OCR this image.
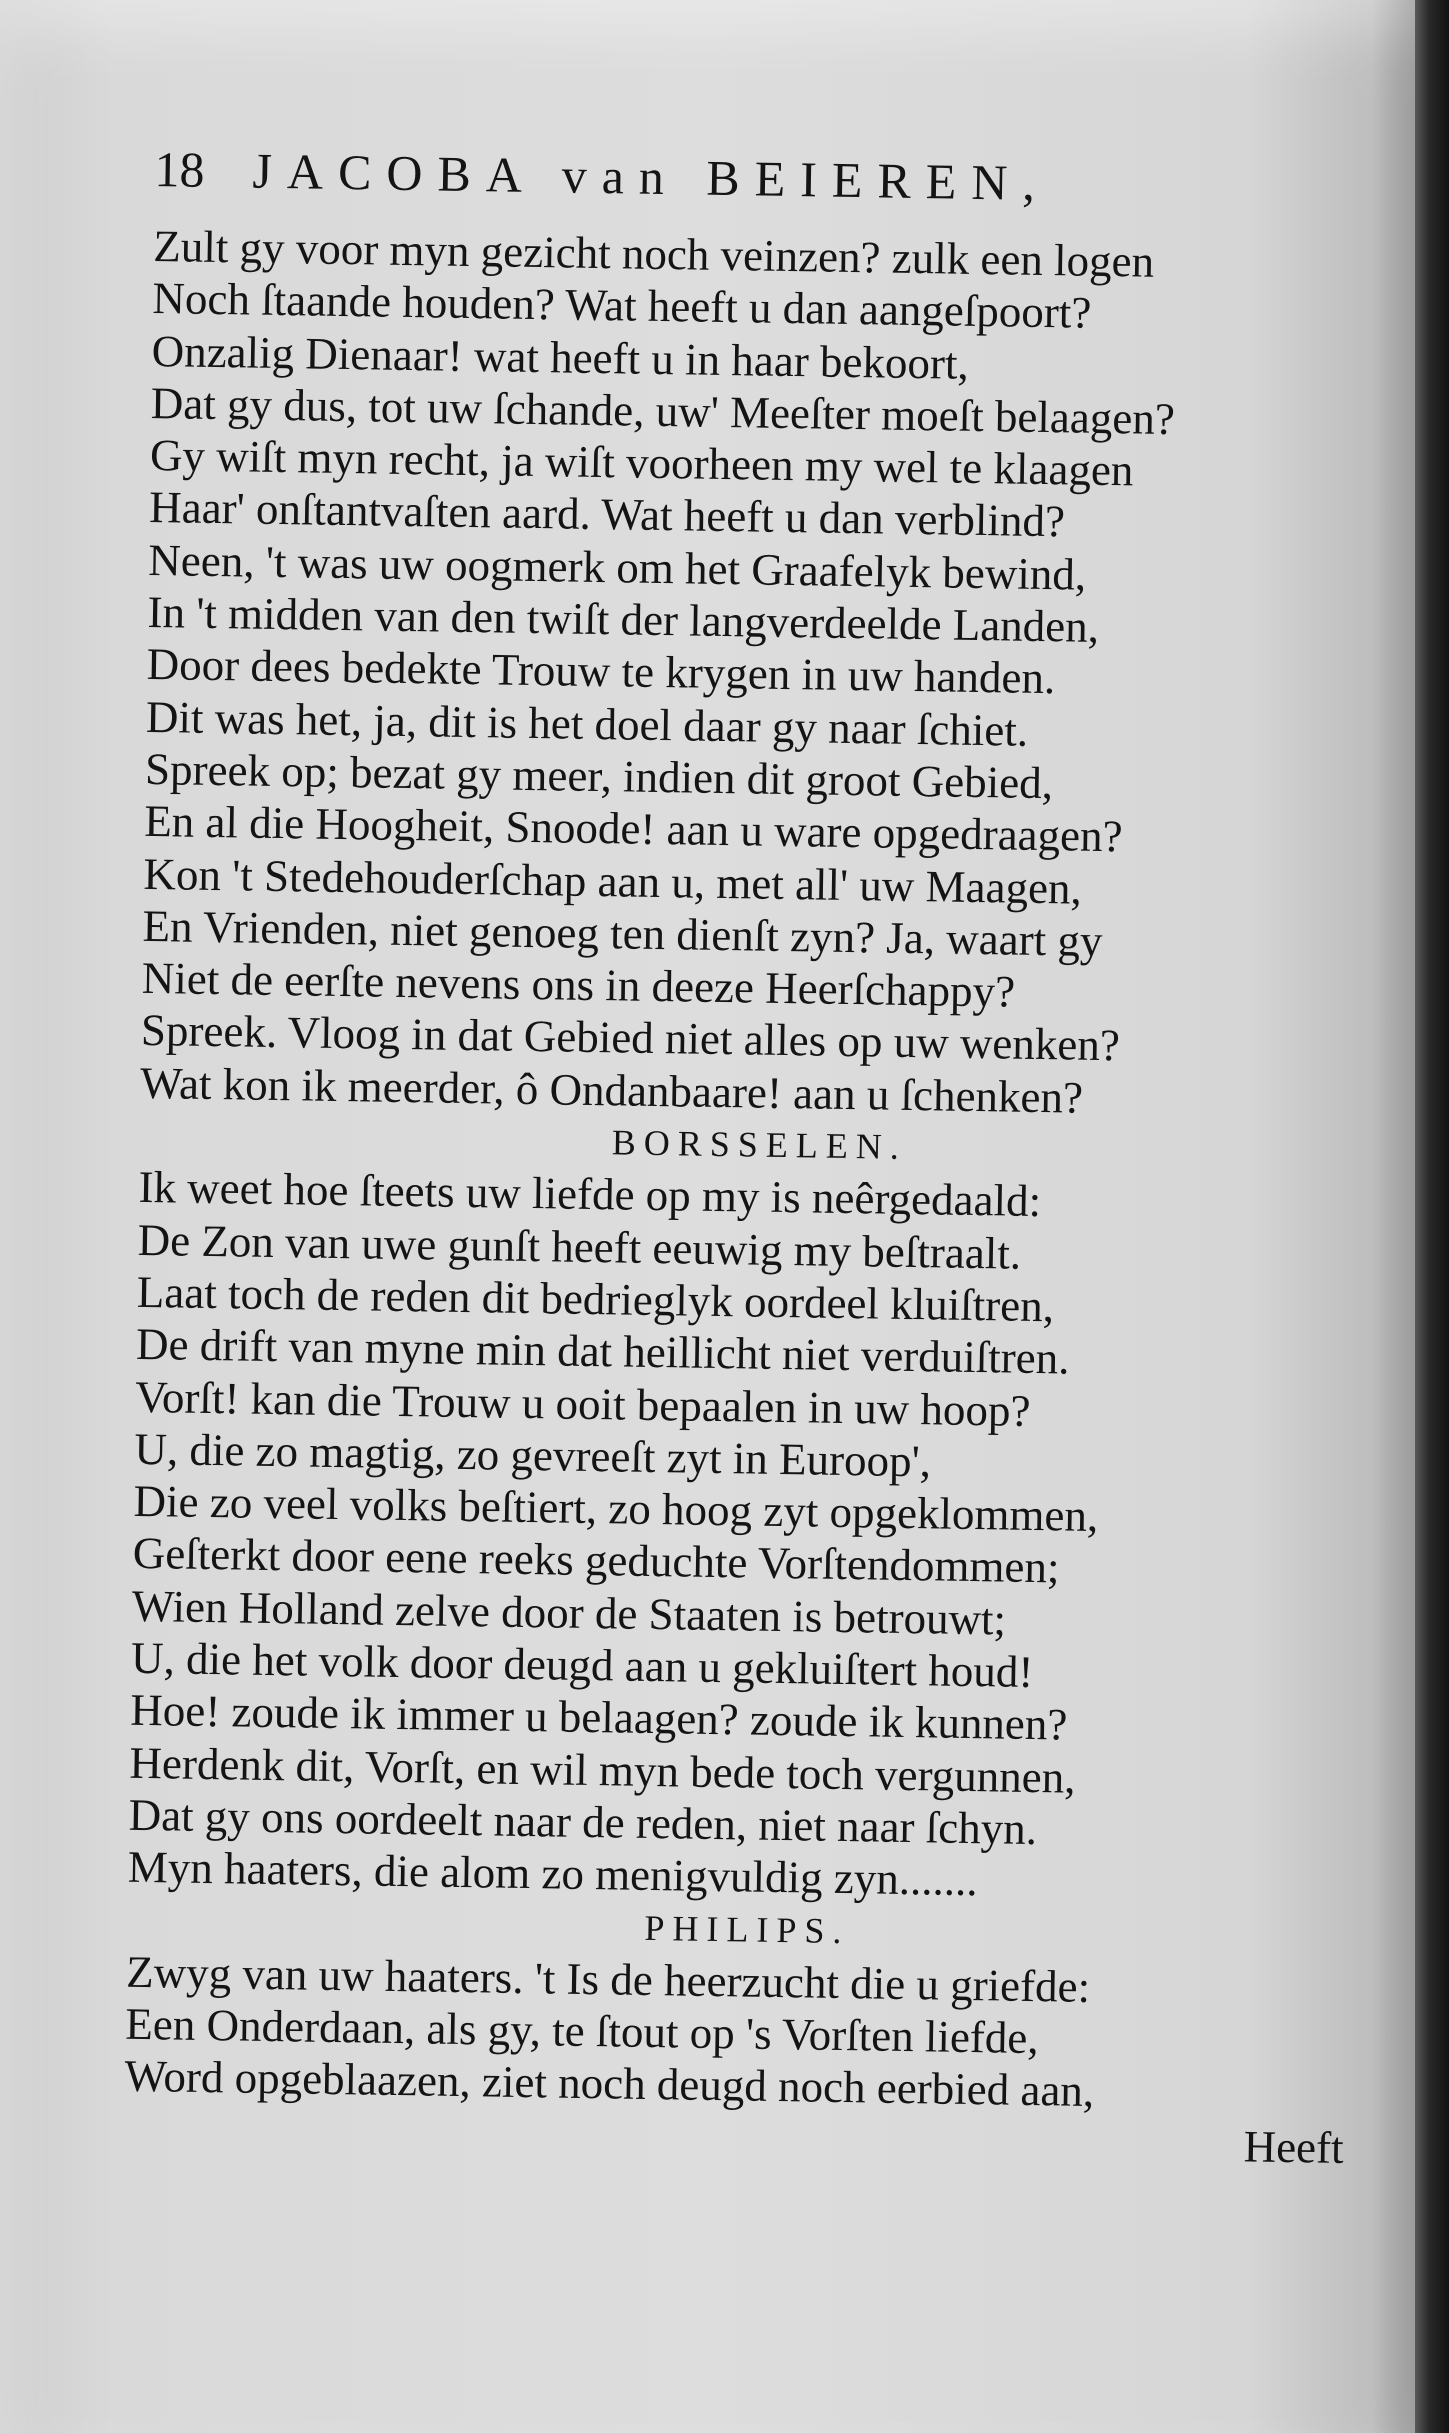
18 JACOBA van BEIEREN,
Zult gy voor myn gezicht noch veinzen? zulk een logen
Noch ſtaande houden? Wat heeft u dan aangeſpoort?
Onzalig Dienaar! wat heeft u in haar bekoort,
Dat gy dus, tot uw ſchande, uw' Meeſter moeſt belaagen?
Gy wiſt myn recht, ja wiſt voorheen my wel te klaagen
Haar' onſtantvaſten aard. Wat heeft u dan verblind?
Neen, 't was uw oogmerk om het Graafelyk bewind,
In 't midden van den twiſt der langverdeelde Landen,
Door dees bedekte Trouw te krygen in uw handen.
Dit was het, ja, dit is het doel daar gy naar ſchiet.
Spreek op; bezat gy meer, indien dit groot Gebied,
En al die Hoogheit, Snoode! aan u ware opgedraagen?
Kon 't Stedehouderſchap aan u, met all' uw Maagen,
En Vrienden, niet genoeg ten dienſt zyn? Ja, waart gy
Niet de eerſte nevens ons in deeze Heerſchappy?
Spreek. Vloog in dat Gebied niet alles op uw wenken?
Wat kon ik meerder, ô Ondanbaare! aan u ſchenken?
BORSSELEN.
Ik weet hoe ſteets uw liefde op my is neêrgedaald:
De Zon van uwe gunſt heeft eeuwig my beſtraalt.
Laat toch de reden dit bedrieglyk oordeel kluiſtren,
De drift van myne min dat heillicht niet verduiſtren.
Vorſt! kan die Trouw u ooit bepaalen in uw hoop?
U, die zo magtig, zo gevreeſt zyt in Euroop',
Die zo veel volks beſtiert, zo hoog zyt opgeklommen,
Geſterkt door eene reeks geduchte Vorſtendommen;
Wien Holland zelve door de Staaten is betrouwt;
U, die het volk door deugd aan u gekluiſtert houd!
Hoe! zoude ik immer u belaagen? zoude ik kunnen?
Herdenk dit, Vorſt, en wil myn bede toch vergunnen,
Dat gy ons oordeelt naar de reden, niet naar ſchyn.
Myn haaters, die alom zo menigvuldig zyn.......
PHILIPS.
Zwyg van uw haaters. 't Is de heerzucht die u griefde:
Een Onderdaan, als gy, te ſtout op 's Vorſten liefde,
Word opgeblaazen, ziet noch deugd noch eerbied aan,
Heeft
